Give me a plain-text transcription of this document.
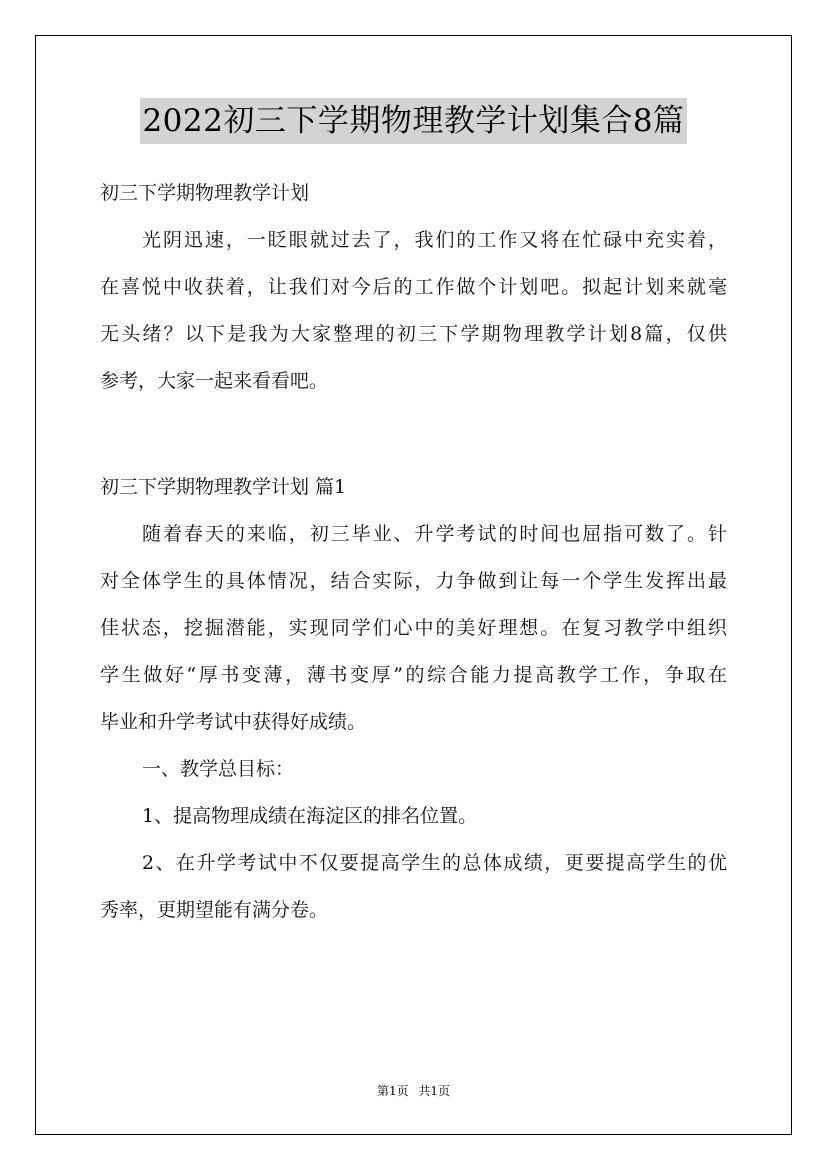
2022初三下学期物理教学计划集合8篇
初三下学期物理教学计划
光阴迅速，一眨眼就过去了，我们的工作又将在忙碌中充实着，
在喜悦中收获着，让我们对今后的工作做个计划吧。拟起计划来就毫
无头绪？以下是我为大家整理的初三下学期物理教学计划8篇，仅供
参考，大家一起来看看吧。
初三下学期物理教学计划 篇1
随着春天的来临，初三毕业、升学考试的时间也屈指可数了。针
对全体学生的具体情况，结合实际，力争做到让每一个学生发挥出最
佳状态，挖掘潜能，实现同学们心中的美好理想。在复习教学中组织
学生做好“厚书变薄，薄书变厚”的综合能力提高教学工作，争取在
毕业和升学考试中获得好成绩。
一、教学总目标：
1、提高物理成绩在海淀区的排名位置。
2、在升学考试中不仅要提高学生的总体成绩，更要提高学生的优
秀率，更期望能有满分卷。
第1页 共1页
